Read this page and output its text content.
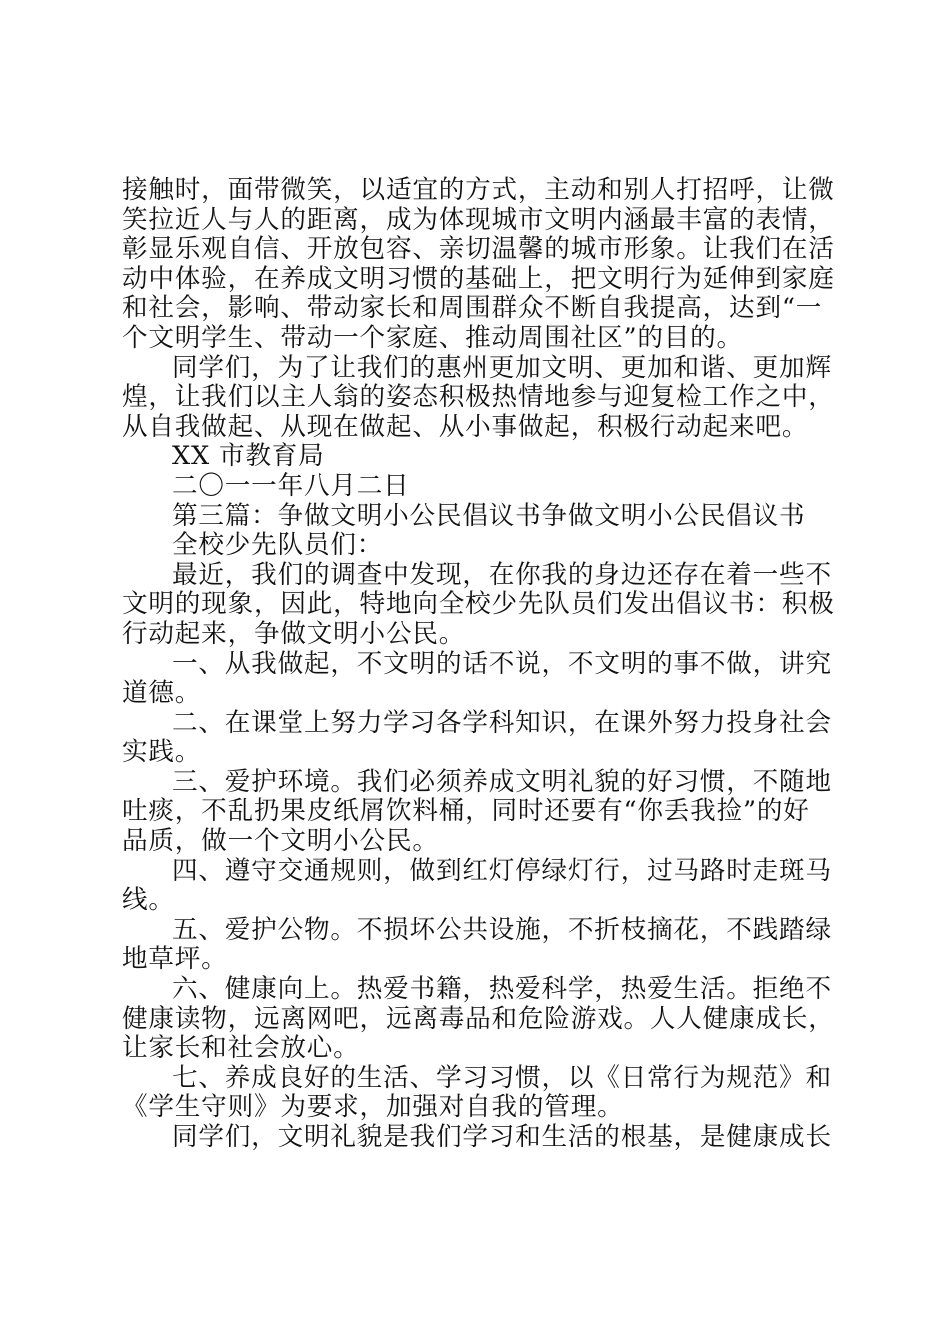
接触时，面带微笑，以适宜的方式，主动和别人打招呼，让微
笑拉近人与人的距离，成为体现城市文明内涵最丰富的表情，
彰显乐观自信、开放包容、亲切温馨的城市形象。让我们在活
动中体验，在养成文明习惯的基础上，把文明行为延伸到家庭
和社会，影响、带动家长和周围群众不断自我提高，达到“一
个文明学生、带动一个家庭、推动周围社区”的目的。
同学们，为了让我们的惠州更加文明、更加和谐、更加辉
煌，让我们以主人翁的姿态积极热情地参与迎复检工作之中，
从自我做起、从现在做起、从小事做起，积极行动起来吧。
XX 市教育局
二〇一一年八月二日
第三篇：争做文明小公民倡议书争做文明小公民倡议书
全校少先队员们：
最近，我们的调查中发现，在你我的身边还存在着一些不
文明的现象，因此，特地向全校少先队员们发出倡议书：积极
行动起来，争做文明小公民。
一、从我做起，不文明的话不说，不文明的事不做，讲究
道德。
二、在课堂上努力学习各学科知识，在课外努力投身社会
实践。
三、爱护环境。我们必须养成文明礼貌的好习惯，不随地
吐痰，不乱扔果皮纸屑饮料桶，同时还要有“你丢我捡”的好
品质，做一个文明小公民。
四、遵守交通规则，做到红灯停绿灯行，过马路时走斑马
线。
五、爱护公物。不损坏公共设施，不折枝摘花，不践踏绿
地草坪。
六、健康向上。热爱书籍，热爱科学，热爱生活。拒绝不
健康读物，远离网吧，远离毒品和危险游戏。人人健康成长，
让家长和社会放心。
七、养成良好的生活、学习习惯，以《日常行为规范》和
《学生守则》为要求，加强对自我的管理。
同学们，文明礼貌是我们学习和生活的根基，是健康成长
